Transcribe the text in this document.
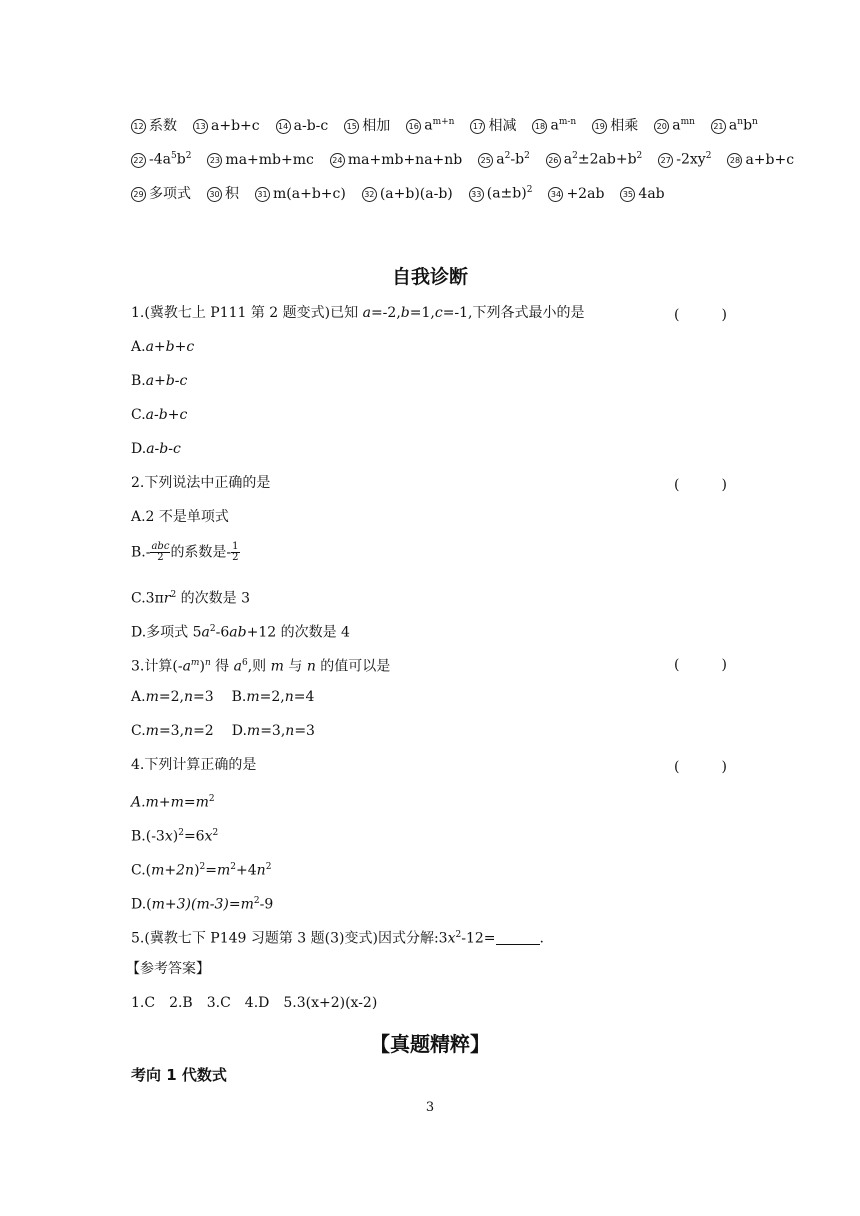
12 系数 13 a+b+c 14 a-b-c 15 相加 16 $a^{m+n}$ 17 相减 18 $a^{m-n}$ 19 相乘 20 $a^{mn}$ 21 $a^nb^n$
22 $-4a^5b^2$ 23 ma+mb+mc 24 ma+mb+na+nb 25 $a^2-b^2$ 26 $a^2\pm 2ab+b^2$ 27 $-2xy^2$ 28 a+b+c
29 多项式 30 积 31 m(a+b+c) 32 (a+b)(a-b) 33 $(a\pm b)^2$ 34 +2ab 35 4ab
自我诊断
1.(冀教七上 P111 第 2 题变式)已知 a=-2,b=1,c=-1,下列各式最小的是	(　　　)
A.a+b+c
B.a+b-c
C.a-b+c
D.a-b-c
2.下列说法中正确的是	(　　　)
A.2 不是单项式
$B.- \frac{\text{abc}}{2}$ 的系数是- $\frac{1}{2}$
$C.3\pi r^2$ 的次数是 3
D.多项式 $5a^2-6ab+12$ 的次数是 4
3.计算$(-a^m)^n$ 得 $a^6$,则 m 与 n 的值可以是	(　　　)
A.m=2,n=3 B.m=2,n=4
C.m=3,n=2 D.m=3,n=3
4.下列计算正确的是	(　　　)
$A.m+m=m^2$
$B.(-3x)^2=6x^2$
$C.(m+2n)^2=m^2+4n^2$
$D.(m+3)(m-3)=m^2-9$
5.(冀教七下 P149 习题第 3 题(3)变式)因式分解$:3x^2-12=$	.
【参考答案】
1.C　2.B　3.C　4.D　5.3(x+2)(x-2)
【真题精粹】
考向 1 代数式
3
